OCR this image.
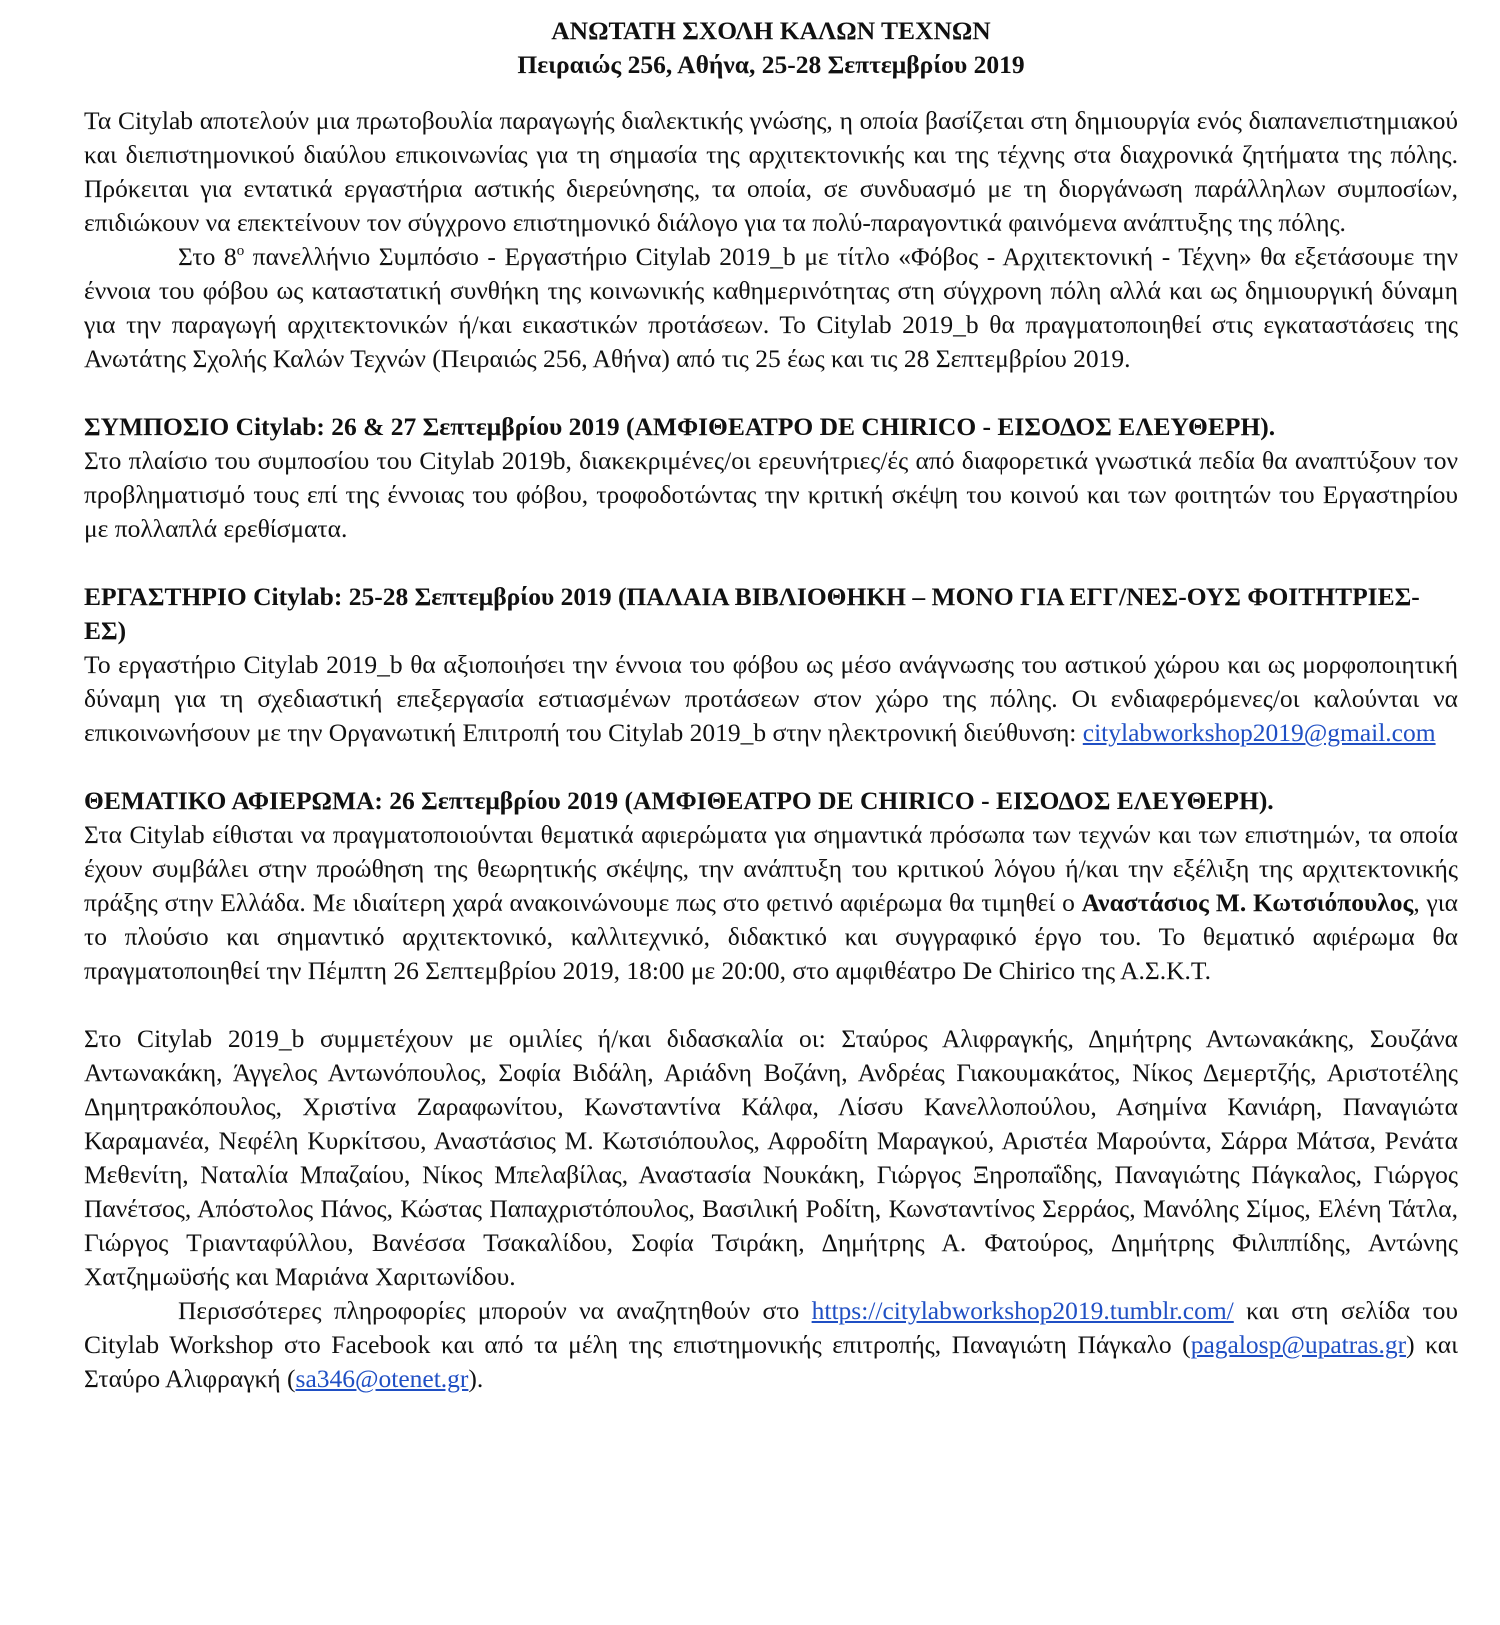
ΑΝΩΤΑΤΗ ΣΧΟΛΗ ΚΑΛΩΝ ΤΕΧΝΩΝ
Πειραιώς 256, Αθήνα, 25-28 Σεπτεμβρίου 2019

Τα Citylab αποτελούν μια πρωτοβουλία παραγωγής διαλεκτικής γνώσης, η οποία βασίζεται στη δημιουργία ενός διαπανεπιστημιακού και διεπιστημονικού διαύλου επικοινωνίας για τη σημασία της αρχιτεκτονικής και της τέχνης στα διαχρονικά ζητήματα της πόλης. Πρόκειται για εντατικά εργαστήρια αστικής διερεύνησης, τα οποία, σε συνδυασμό με τη διοργάνωση παράλληλων συμποσίων, επιδιώκουν να επεκτείνουν τον σύγχρονο επιστημονικό διάλογο για τα πολύ-παραγοντικά φαινόμενα ανάπτυξης της πόλης.

Στο $8^o$ πανελλήνιο Συμπόσιο - Εργαστήριο Citylab 2019_b με τίτλο «Φόβος - Αρχιτεκτονική - Τέχνη» θα εξετάσουμε την έννοια του φόβου ως καταστατική συνθήκη της κοινωνικής καθημερινότητας στη σύγχρονη πόλη αλλά και ως δημιουργική δύναμη για την παραγωγή αρχιτεκτονικών ή/και εικαστικών προτάσεων. Το Citylab 2019_b θα πραγματοποιηθεί στις εγκαταστάσεις της Ανωτάτης Σχολής Καλών Τεχνών (Πειραιώς 256, Αθήνα) από τις 25 έως και τις 28 Σεπτεμβρίου 2019.

ΣΥΜΠΟΣΙΟ Citylab: 26 & 27 Σεπτεμβρίου 2019 (ΑΜΦΙΘΕΑΤΡΟ DE CHIRICO - ΕΙΣΟΔΟΣ ΕΛΕΥΘΕΡΗ).

Στο πλαίσιο του συμποσίου του Citylab 2019b, διακεκριμένες/οι ερευνήτριες/ές από διαφορετικά γνωστικά πεδία θα αναπτύξουν τον προβληματισμό τους επί της έννοιας του φόβου, τροφοδοτώντας την κριτική σκέψη του κοινού και των φοιτητών του Εργαστηρίου με πολλαπλά ερεθίσματα.

ΕΡΓΑΣΤΗΡΙΟ Citylab: 25-28 Σεπτεμβρίου 2019 (ΠΑΛΑΙΑ ΒΙΒΛΙΟΘΗΚΗ – ΜΟΝΟ ΓΙΑ ΕΓΓ/ΝΕΣ-ΟΥΣ ΦΟΙΤΗΤΡΙΕΣ-ΕΣ)

Το εργαστήριο Citylab 2019_b θα αξιοποιήσει την έννοια του φόβου ως μέσο ανάγνωσης του αστικού χώρου και ως μορφοποιητική δύναμη για τη σχεδιαστική επεξεργασία εστιασμένων προτάσεων στον χώρο της πόλης. Οι ενδιαφερόμενες/οι καλούνται να επικοινωνήσουν με την Οργανωτική Επιτροπή του Citylab 2019_b στην ηλεκτρονική διεύθυνση: citylabworkshop2019@gmail.com

ΘΕΜΑΤΙΚΟ ΑΦΙΕΡΩΜΑ: 26 Σεπτεμβρίου 2019 (ΑΜΦΙΘΕΑΤΡΟ DE CHIRICO - ΕΙΣΟΔΟΣ ΕΛΕΥΘΕΡΗ).

Στα Citylab είθισται να πραγματοποιούνται θεματικά αφιερώματα για σημαντικά πρόσωπα των τεχνών και των επιστημών, τα οποία έχουν συμβάλει στην προώθηση της θεωρητικής σκέψης, την ανάπτυξη του κριτικού λόγου ή/και την εξέλιξη της αρχιτεκτονικής πράξης στην Ελλάδα. Με ιδιαίτερη χαρά ανακοινώνουμε πως στο φετινό αφιέρωμα θα τιμηθεί ο Αναστάσιος Μ. Κωτσιόπουλος, για το πλούσιο και σημαντικό αρχιτεκτονικό, καλλιτεχνικό, διδακτικό και συγγραφικό έργο του. Το θεματικό αφιέρωμα θα πραγματοποιηθεί την Πέμπτη 26 Σεπτεμβρίου 2019, 18:00 με 20:00, στο αμφιθέατρο De Chirico της Α.Σ.Κ.Τ.

Στο Citylab 2019_b συμμετέχουν με ομιλίες ή/και διδασκαλία οι: Σταύρος Αλιφραγκής, Δημήτρης Αντωνακάκης, Σουζάνα Αντωνακάκη, Άγγελος Αντωνόπουλος, Σοφία Βιδάλη, Αριάδνη Βοζάνη, Ανδρέας Γιακουμακάτος, Νίκος Δεμερτζής, Αριστοτέλης Δημητρακόπουλος, Χριστίνα Ζαραφωνίτου, Κωνσταντίνα Κάλφα, Λίσσυ Κανελλοπούλου, Ασημίνα Κανιάρη, Παναγιώτα Καραμανέα, Νεφέλη Κυρκίτσου, Αναστάσιος Μ. Κωτσιόπουλος, Αφροδίτη Μαραγκού, Αριστέα Μαρούντα, Σάρρα Μάτσα, Ρενάτα Μεθενίτη, Ναταλία Μπαζαίου, Νίκος Μπελαβίλας, Αναστασία Νουκάκη, Γιώργος Ξηροπαΐδης, Παναγιώτης Πάγκαλος, Γιώργος Πανέτσος, Απόστολος Πάνος, Κώστας Παπαχριστόπουλος, Βασιλική Ροδίτη, Κωνσταντίνος Σερράος, Μανόλης Σίμος, Ελένη Τάτλα, Γιώργος Τριανταφύλλου, Βανέσσα Τσακαλίδου, Σοφία Τσιράκη, Δημήτρης Α. Φατούρος, Δημήτρης Φιλιππίδης, Αντώνης Χατζημωϋσής και Μαριάνα Χαριτωνίδου.

Περισσότερες πληροφορίες μπορούν να αναζητηθούν στο https://citylabworkshop2019.tumblr.com/ και στη σελίδα του Citylab Workshop στο Facebook και από τα μέλη της επιστημονικής επιτροπής, Παναγιώτη Πάγκαλο (pagalosp@upatras.gr) και Σταύρο Αλιφραγκή (sa346@otenet.gr).
